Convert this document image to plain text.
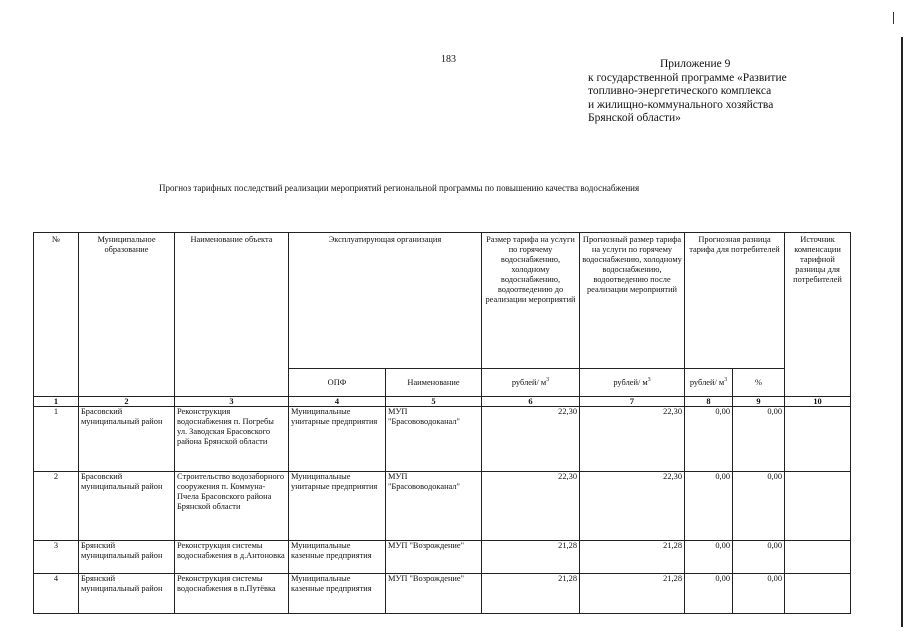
183	Приложение 9
к государственной программе «Развитие
топливно-энергетического комплекса
и жилищно-коммунального хозяйства
Брянской области»
Прогноз тарифных последствий реализации мероприятий региональной программы по повышению качества водоснабжения
№	Муниципальное образование	Наименование объекта	Эксплуатирующая организация		Размер тарифа на услуги по горячему водоснабжению, холодному водоснабжению, водоотведению до реализации мероприятий	Прогнозный размер тарифа на услуги по горячему водоснабжению, холодному водоснабжению, водоотведению после реализации мероприятий	Прогнозная разница тарифа для потребителей		Источник компенсации тарифной разницы для потребителей
			ОПФ	Наименование	рублей/ $м^3$	рублей/ $м^3$	рублей/ $м^3$	%	
1	2	3	4	5	6	7	8	9	10
1	Брасовский муниципальный район	Реконструкция водоснабжения п. Погребы ул. Заводская Брасовского района Брянской области	Муниципальные унитарные предприятия	МУП "Брасововодоканал"	22,30	22,30	0,00	0,00	
2	Брасовский муниципальный район	Строительство водозаборного сооружения п. Коммуна-Пчела Брасовского района Брянской области	Муниципальные унитарные предприятия	МУП "Брасововодоканал"	22,30	22,30	0,00	0,00	
3	Брянский муниципальный район	Реконструкция системы водоснабжения в д.Антоновка	Муниципальные казенные предприятия	МУП "Возрождение"	21,28	21,28	0,00	0,00	
4	Брянский муниципальный район	Реконструкция системы водоснабжения в п.Путёвка	Муниципальные казенные предприятия	МУП "Возрождение"	21,28	21,28	0,00	0,00	
